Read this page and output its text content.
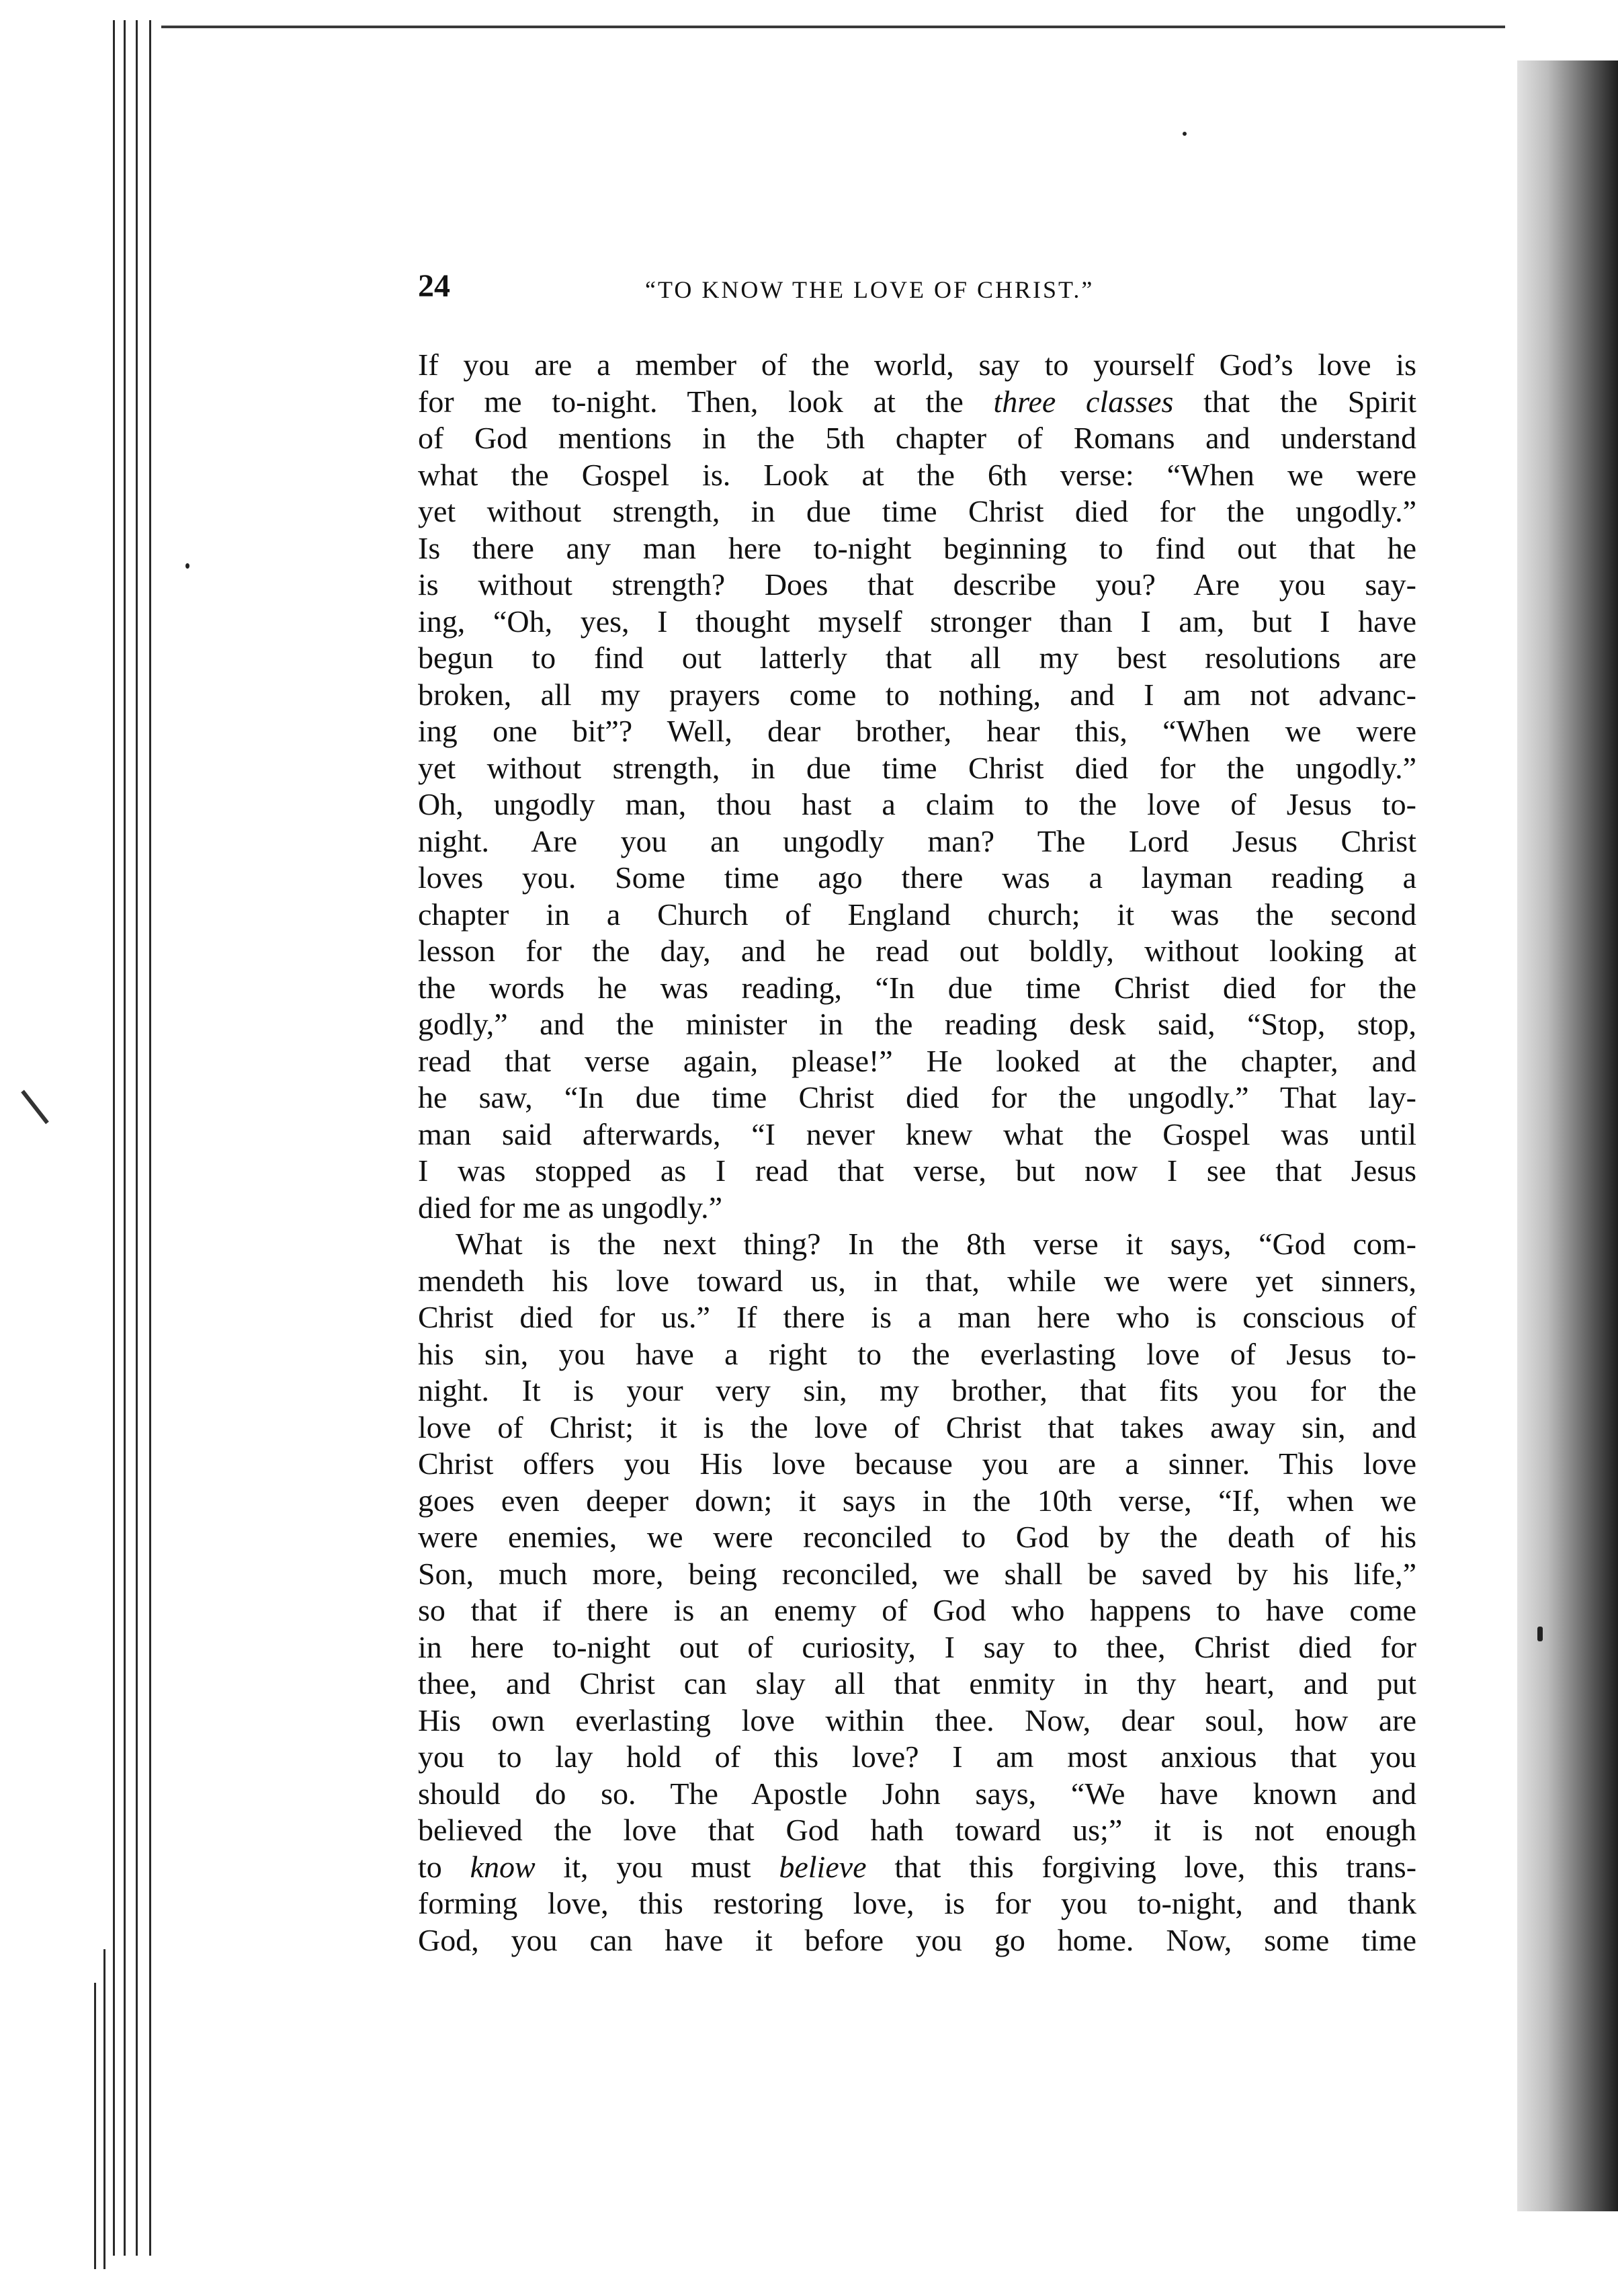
24	“TO KNOW THE LOVE OF CHRIST.”
If you are a member of the world, say to yourself God’s love is
for me to-night. Then, look at the three classes that the Spirit
of God mentions in the 5th chapter of Romans and understand
what the Gospel is. Look at the 6th verse: “When we were
yet without strength, in due time Christ died for the ungodly.”
Is there any man here to-night beginning to find out that he
is without strength? Does that describe you? Are you say-
ing, “Oh, yes, I thought myself stronger than I am, but I have
begun to find out latterly that all my best resolutions are
broken, all my prayers come to nothing, and I am not advanc-
ing one bit”? Well, dear brother, hear this, “When we were
yet without strength, in due time Christ died for the ungodly.”
Oh, ungodly man, thou hast a claim to the love of Jesus to-
night. Are you an ungodly man? The Lord Jesus Christ
loves you. Some time ago there was a layman reading a
chapter in a Church of England church; it was the second
lesson for the day, and he read out boldly, without looking at
the words he was reading, “In due time Christ died for the
godly,” and the minister in the reading desk said, “Stop, stop,
read that verse again, please!” He looked at the chapter, and
he saw, “In due time Christ died for the ungodly.” That lay-
man said afterwards, “I never knew what the Gospel was until
I was stopped as I read that verse, but now I see that Jesus
died for me as ungodly.”
What is the next thing? In the 8th verse it says, “God com-
mendeth his love toward us, in that, while we were yet sinners,
Christ died for us.” If there is a man here who is conscious of
his sin, you have a right to the everlasting love of Jesus to-
night. It is your very sin, my brother, that fits you for the
love of Christ; it is the love of Christ that takes away sin, and
Christ offers you His love because you are a sinner. This love
goes even deeper down; it says in the 10th verse, “If, when we
were enemies, we were reconciled to God by the death of his
Son, much more, being reconciled, we shall be saved by his life,”
so that if there is an enemy of God who happens to have come
in here to-night out of curiosity, I say to thee, Christ died for
thee, and Christ can slay all that enmity in thy heart, and put
His own everlasting love within thee. Now, dear soul, how are
you to lay hold of this love? I am most anxious that you
should do so. The Apostle John says, “We have known and
believed the love that God hath toward us;” it is not enough
to know it, you must believe that this forgiving love, this trans-
forming love, this restoring love, is for you to-night, and thank
God, you can have it before you go home. Now, some time
